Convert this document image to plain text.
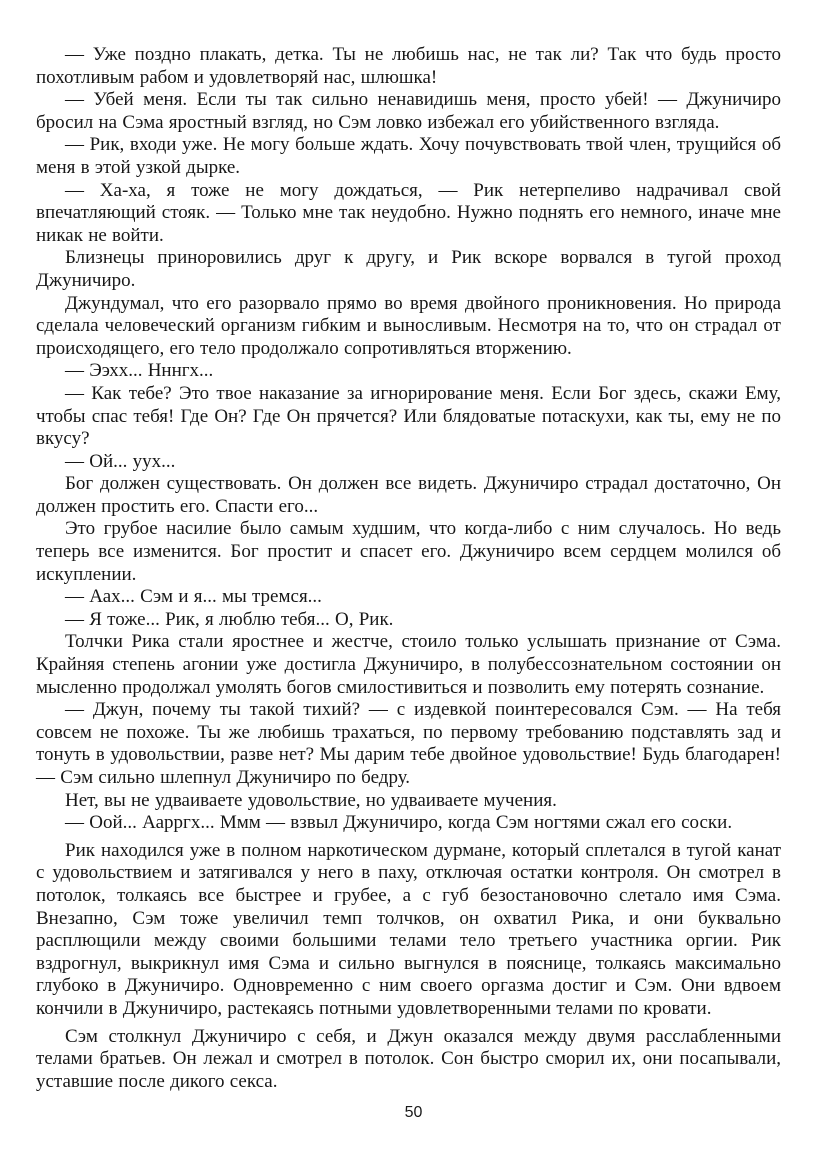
— Уже поздно плакать, детка. Ты не любишь нас, не так ли? Так что будь просто похотливым рабом и удовлетворяй нас, шлюшка!

— Убей меня. Если ты так сильно ненавидишь меня, просто убей! — Джуничиро бросил на Сэма яростный взгляд, но Сэм ловко избежал его убийственного взгляда.

— Рик, входи уже. Не могу больше ждать. Хочу почувствовать твой член, трущийся об меня в этой узкой дырке.

— Ха-ха, я тоже не могу дождаться, — Рик нетерпеливо надрачивал свой впечатляющий стояк. — Только мне так неудобно. Нужно поднять его немного, иначе мне никак не войти.

Близнецы приноровились друг к другу, и Рик вскоре ворвался в тугой проход Джуничиро.

Джундумал, что его разорвало прямо во время двойного проникновения. Но природа сделала человеческий организм гибким и выносливым. Несмотря на то, что он страдал от происходящего, его тело продолжало сопротивляться вторжению.

— Ээхх... Нннгх...

— Как тебе? Это твое наказание за игнорирование меня. Если Бог здесь, скажи Ему, чтобы спас тебя! Где Он? Где Он прячется? Или блядоватые потаскухи, как ты, ему не по вкусу?

— Ой... уух...

Бог должен существовать. Он должен все видеть. Джуничиро страдал достаточно, Он должен простить его. Спасти его...

Это грубое насилие было самым худшим, что когда-либо с ним случалось. Но ведь теперь все изменится. Бог простит и спасет его. Джуничиро всем сердцем молился об искуплении.

— Аах... Сэм и я... мы тремся...

— Я тоже... Рик, я люблю тебя... О, Рик.

Толчки Рика стали яростнее и жестче, стоило только услышать признание от Сэма. Крайняя степень агонии уже достигла Джуничиро, в полубессознательном состоянии он мысленно продолжал умолять богов смилостивиться и позволить ему потерять сознание.

— Джун, почему ты такой тихий? — с издевкой поинтересовался Сэм. — На тебя совсем не похоже. Ты же любишь трахаться, по первому требованию подставлять зад и тонуть в удовольствии, разве нет? Мы дарим тебе двойное удовольствие! Будь благодарен! — Сэм сильно шлепнул Джуничиро по бедру.

Нет, вы не удваиваете удовольствие, но удваиваете мучения.

— Оой... Аарргх... Ммм — взвыл Джуничиро, когда Сэм ногтями сжал его соски.

Рик находился уже в полном наркотическом дурмане, который сплетался в тугой канат с удовольствием и затягивался у него в паху, отключая остатки контроля. Он смотрел в потолок, толкаясь все быстрее и грубее, а с губ безостановочно слетало имя Сэма. Внезапно, Сэм тоже увеличил темп толчков, он охватил Рика, и они буквально расплющили между своими большими телами тело третьего участника оргии. Рик вздрогнул, выкрикнул имя Сэма и сильно выгнулся в пояснице, толкаясь максимально глубоко в Джуничиро. Одновременно с ним своего оргазма достиг и Сэм. Они вдвоем кончили в Джуничиро, растекаясь потными удовлетворенными телами по кровати.

Сэм столкнул Джуничиро с себя, и Джун оказался между двумя расслабленными телами братьев. Он лежал и смотрел в потолок. Сон быстро сморил их, они посапывали, уставшие после дикого секса.

50
